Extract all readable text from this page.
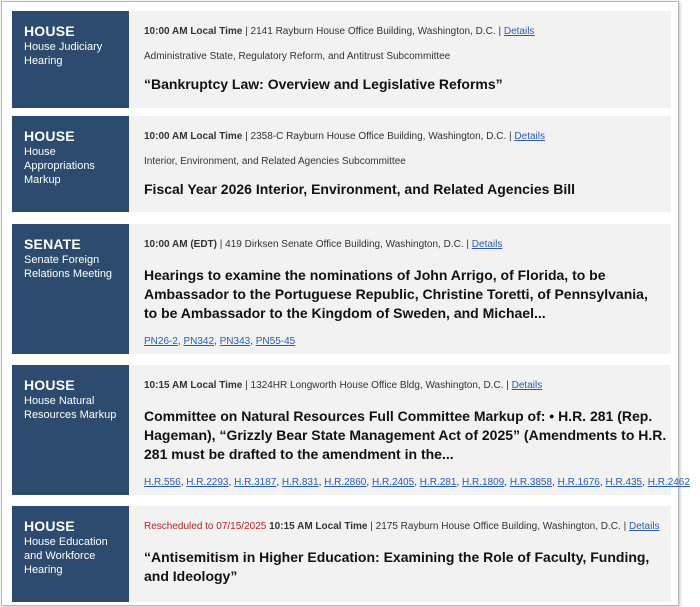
HOUSE
House Judiciary Hearing
10:00 AM Local Time | 2141 Rayburn House Office Building, Washington, D.C. | Details
Administrative State, Regulatory Reform, and Antitrust Subcommittee
“Bankruptcy Law: Overview and Legislative Reforms”
HOUSE
House Appropriations Markup
10:00 AM Local Time | 2358-C Rayburn House Office Building, Washington, D.C. | Details
Interior, Environment, and Related Agencies Subcommittee
Fiscal Year 2026 Interior, Environment, and Related Agencies Bill
SENATE
Senate Foreign Relations Meeting
10:00 AM (EDT) | 419 Dirksen Senate Office Building, Washington, D.C. | Details
Hearings to examine the nominations of John Arrigo, of Florida, to be Ambassador to the Portuguese Republic, Christine Toretti, of Pennsylvania, to be Ambassador to the Kingdom of Sweden, and Michael...
PN26-2, PN342, PN343, PN55-45
HOUSE
House Natural Resources Markup
10:15 AM Local Time | 1324HR Longworth House Office Bldg, Washington, D.C. | Details
Committee on Natural Resources Full Committee Markup of: • H.R. 281 (Rep. Hageman), “Grizzly Bear State Management Act of 2025” (Amendments to H.R. 281 must be drafted to the amendment in the...
H.R.556, H.R.2293, H.R.3187, H.R.831, H.R.2860, H.R.2405, H.R.281, H.R.1809, H.R.3858, H.R.1676, H.R.435, H.R.2462
HOUSE
House Education and Workforce Hearing
Rescheduled to 07/15/2025 10:15 AM Local Time | 2175 Rayburn House Office Building, Washington, D.C. | Details
“Antisemitism in Higher Education: Examining the Role of Faculty, Funding, and Ideology”
